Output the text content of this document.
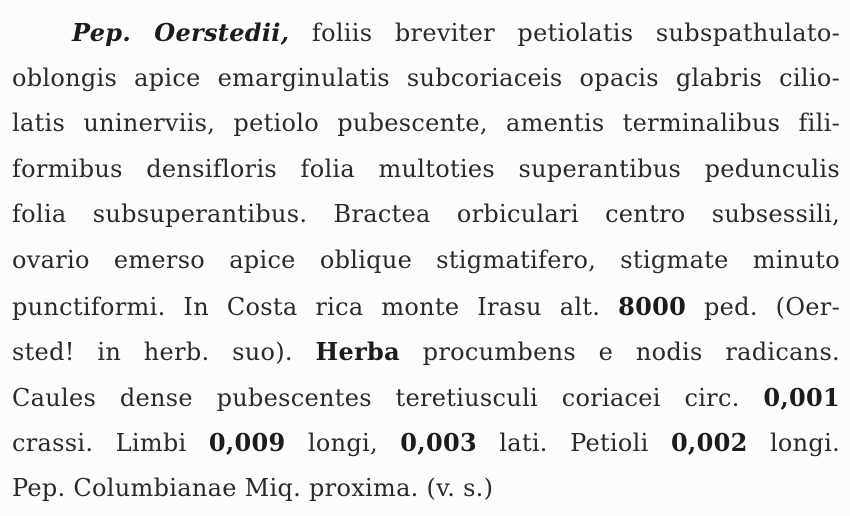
Pep. Oerstedii, foliis breviter petiolatis subspathulato-
oblongis apice emarginulatis subcoriaceis opacis glabris cilio-
latis uninerviis, petiolo pubescente, amentis terminalibus fili-
formibus densifloris folia multoties superantibus pedunculis
folia subsuperantibus. Bractea orbiculari centro subsessili,
ovario emerso apice oblique stigmatifero, stigmate minuto
punctiformi. In Costa rica monte Irasu alt. 8000 ped. (Oer-
sted! in herb. suo). Herba procumbens e nodis radicans.
Caules dense pubescentes teretiusculi coriacei circ. 0,001
crassi. Limbi 0,009 longi, 0,003 lati. Petioli 0,002 longi.
Pep. Columbianae Miq. proxima. (v. s.)
